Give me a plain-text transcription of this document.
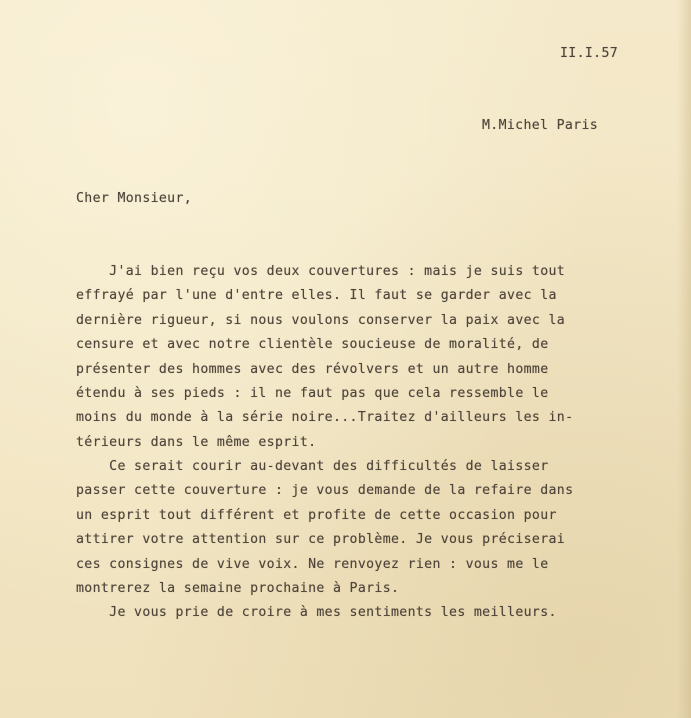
II.I.57
M.Michel Paris
Cher Monsieur,
J'ai bien reçu vos deux couvertures : mais je suis tout
effrayé par l'une d'entre elles. Il faut se garder avec la
dernière rigueur, si nous voulons conserver la paix avec la
censure et avec notre clientèle soucieuse de moralité, de
présenter des hommes avec des révolvers et un autre homme
étendu à ses pieds : il ne faut pas que cela ressemble le
moins du monde à la série noire...Traitez d'ailleurs les in-
térieurs dans le même esprit.
Ce serait courir au-devant des difficultés de laisser
passer cette couverture : je vous demande de la refaire dans
un esprit tout différent et profite de cette occasion pour
attirer votre attention sur ce problème. Je vous préciserai
ces consignes de vive voix. Ne renvoyez rien : vous me le
montrerez la semaine prochaine à Paris.
Je vous prie de croire à mes sentiments les meilleurs.
